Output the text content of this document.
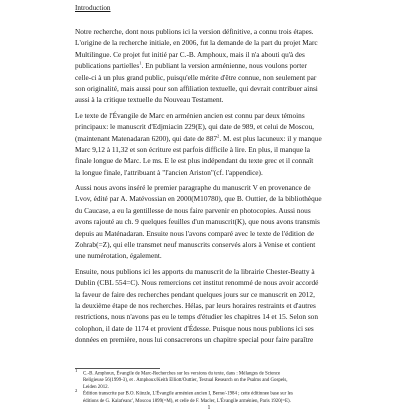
Introduction
Notre recherche, dont nous publions ici la version définitive, a connu trois étapes.
L'origine de la recherche initiale, en 2006, fut la demande de la part du projet Marc
Multilingue. Ce projet fut initié par C.-B. Amphoux, mais il n'a abouti qu'à des
publications partielles$^1$. En publiant la version arménienne, nous voulons porter
celle-ci à un plus grand public, puisqu'elle mérite d'être connue, non seulement par
son originalité, mais aussi pour son affiliation textuelle, qui devrait contribuer ainsi
aussi à la critique textuelle du Nouveau Testament.
Le texte de l'Évangile de Marc en arménien ancien est connu par deux témoins
principaux: le manuscrit d'Edjmiacin 229(E), qui date de 989, et celui de Moscou,
(maintenant Matenadaran 6200), qui date de $887^2$. M. est plus lacuneux: il y manque
Marc 9,12 à 11,32 et son écriture est parfois difficile à lire. En plus, il manque la
finale longue de Marc. Le ms. E le est plus indépendant du texte grec et il connaît
la longue finale, l'attribuant à "l'ancien Ariston"(cf. l'appendice).
Aussi nous avons inséré le premier paragraphe du manuscrit V en provenance de
Lvov, édité par A. Matévossian en 2000(M10780), que B. Outtier, de la bibliothèque
du Caucase, a eu la gentillesse de nous faire parvenir en photocopies. Aussi nous
avons rajouté au ch. 9 quelques feuilles d'un manuscrit(K), que nous avons transmis
depuis au Maténadaran. Ensuite nous l'avons comparé avec le texte de l'édition de
Zohrab(=Z), qui elle transmet neuf manuscrits conservés alors à Venise et contient
une numérotation, également.
Ensuite, nous publions ici les apports du manuscrit de la librairie Chester-Beatty à
Dublin (CBL 554=C). Nous remercions cet institut renommé de nous avoir accordé
la faveur de faire des recherches pendant quelques jours sur ce manuscrit en 2012,
la deuxième étape de nos recherches. Hélas, par leurs horaires restraints et d'autres
restrictions, nous n'avons pas eu le temps d'étudier les chapitres 14 et 15. Selon son
colophon, il date de 1174 et provient d'Édesse. Puisque nous nous publions ici ses
données en première, nous lui consacrerons un chapitre special pour faire paraître
$^1$C.-B. Amphoux, Évangile de Marc-Recherches sur les versions du texte, dans : Mélanges de Science
Religieuse 56(1999-3), et . Amphoux/Keith Elliott/Outtier, Textual Research on the Psalms and Gospels,
Leiden 2012.
$^2$Édition transcrite par B.O. Künzle, L'Évangile arménien ancien I, Berne/-1984 ; cette éditinnee base sur les
éditions de G. Kalat'eanc', Moscou 1899(=M), et celle de F. Macler, L'Évangile arménien, Paris 1920(=E).
1
